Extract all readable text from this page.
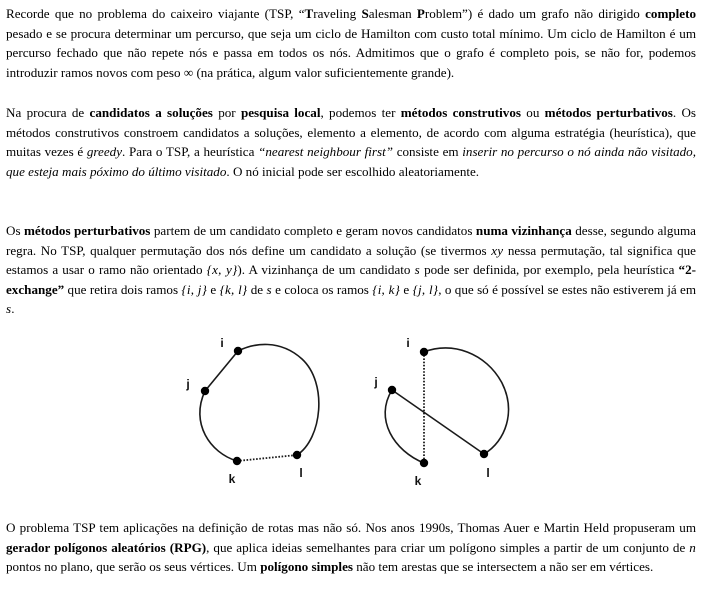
Recorde que no problema do caixeiro viajante (TSP, “Traveling Salesman Problem”) é dado um grafo não dirigido completo pesado e se procura determinar um percurso, que seja um ciclo de Hamilton com custo total mínimo. Um ciclo de Hamilton é um percurso fechado que não repete nós e passa em todos os nós. Admitimos que o grafo é completo pois, se não for, podemos introduzir ramos novos com peso ∞ (na prática, algum valor suficientemente grande).

Na procura de candidatos a soluções por pesquisa local, podemos ter métodos construtivos ou métodos perturbativos. Os métodos construtivos constroem candidatos a soluções, elemento a elemento, de acordo com alguma estratégia (heurística), que muitas vezes é greedy. Para o TSP, a heurística “nearest neighbour first” consiste em inserir no percurso o nó ainda não visitado, que esteja mais póximo do último visitado. O nó inicial pode ser escolhido aleatoriamente.

Os métodos perturbativos partem de um candidato completo e geram novos candidatos numa vizinhança desse, segundo alguma regra. No TSP, qualquer permutação dos nós define um candidato a solução (se tivermos xy nessa permutação, tal significa que estamos a usar o ramo não orientado {x, y}). A vizinhança de um candidato s pode ser definida, por exemplo, pela heurística “2-exchange” que retira dois ramos {i, j} e {k, l} de s e coloca os ramos {i, k} e {j, l}, o que só é possível se estes não estiverem já em s.

i
j
k	l
i
j
k
l

O problema TSP tem aplicações na definição de rotas mas não só. Nos anos 1990s, Thomas Auer e Martin Held propuseram um gerador polígonos aleatórios (RPG), que aplica ideias semelhantes para criar um polígono simples a partir de um conjunto de n pontos no plano, que serão os seus vértices. Um polígono simples não tem arestas que se intersectem a não ser em vértices.
